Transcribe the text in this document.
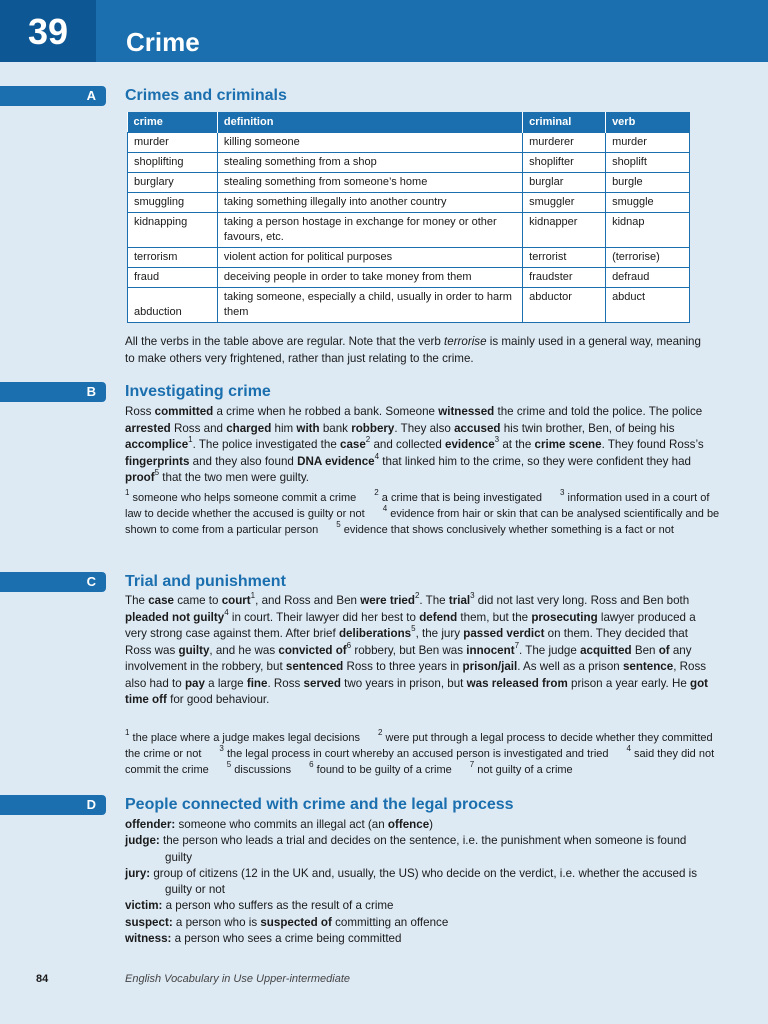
39	Crime
A Crimes and criminals
crime	definition	criminal	verb
murder	killing someone	murderer	murder
shoplifting	stealing something from a shop	shoplifter	shoplift
burglary	stealing something from someone’s home	burglar	burgle
smuggling	taking something illegally into another country	smuggler	smuggle
kidnapping	taking a person hostage in exchange for money or other favours, etc.	kidnapper	kidnap
terrorism	violent action for political purposes	terrorist	(terrorise)
fraud	deceiving people in order to take money from them	fraudster	defraud
abduction	taking someone, especially a child, usually in order to harm them	abductor	abduct
All the verbs in the table above are regular. Note that the verb terrorise is mainly used in a general way, meaning to make others very frightened, rather than just relating to the crime.
B Investigating crime
Ross committed a crime when he robbed a bank. Someone witnessed the crime and told the police. The police arrested Ross and charged him with bank robbery. They also accused his twin brother, Ben, of being his accomplice$^1$. The police investigated the case$^2$ and collected evidence$^3$ at the crime scene. They found Ross’s fingerprints and they also found DNA evidence$^4$ that linked him to the crime, so they were confident they had proof$^5$ that the two men were guilty.
$^1$ someone who helps someone commit a crime $^2$ a crime that is being investigated $^3$ information used in a court of law to decide whether the accused is guilty or not $^4$ evidence from hair or skin that can be analysed scientifically and be shown to come from a particular person $^5$ evidence that shows conclusively whether something is a fact or not
C Trial and punishment
The case came to court$^1$, and Ross and Ben were tried$^2$. The trial$^3$ did not last very long. Ross and Ben both pleaded not guilty$^4$ in court. Their lawyer did her best to defend them, but the prosecuting lawyer produced a very strong case against them. After brief deliberations$^5$, the jury passed verdict on them. They decided that Ross was guilty, and he was convicted $of^6$ robbery, but Ben was innocent$^7$. The judge acquitted Ben of any involvement in the robbery, but sentenced Ross to three years in prison/jail. As well as a prison sentence, Ross also had to pay a large fine. Ross served two years in prison, but was released from prison a year early. He got time off for good behaviour.
$^1$ the place where a judge makes legal decisions $^2$ were put through a legal process to decide whether they committed the crime or not $^3$ the legal process in court whereby an accused person is investigated and tried $^4$ said they did not commit the crime $^5$ discussions $^6$ found to be guilty of a crime $^7$ not guilty of a crime
D People connected with crime and the legal process
offender: someone who commits an illegal act (an offence)
judge: the person who leads a trial and decides on the sentence, i.e. the punishment when someone is found guilty
jury: group of citizens (12 in the UK and, usually, the US) who decide on the verdict, i.e. whether the accused is guilty or not
victim: a person who suffers as the result of a crime
suspect: a person who is suspected of committing an offence
witness: a person who sees a crime being committed
84	English Vocabulary in Use Upper-intermediate
